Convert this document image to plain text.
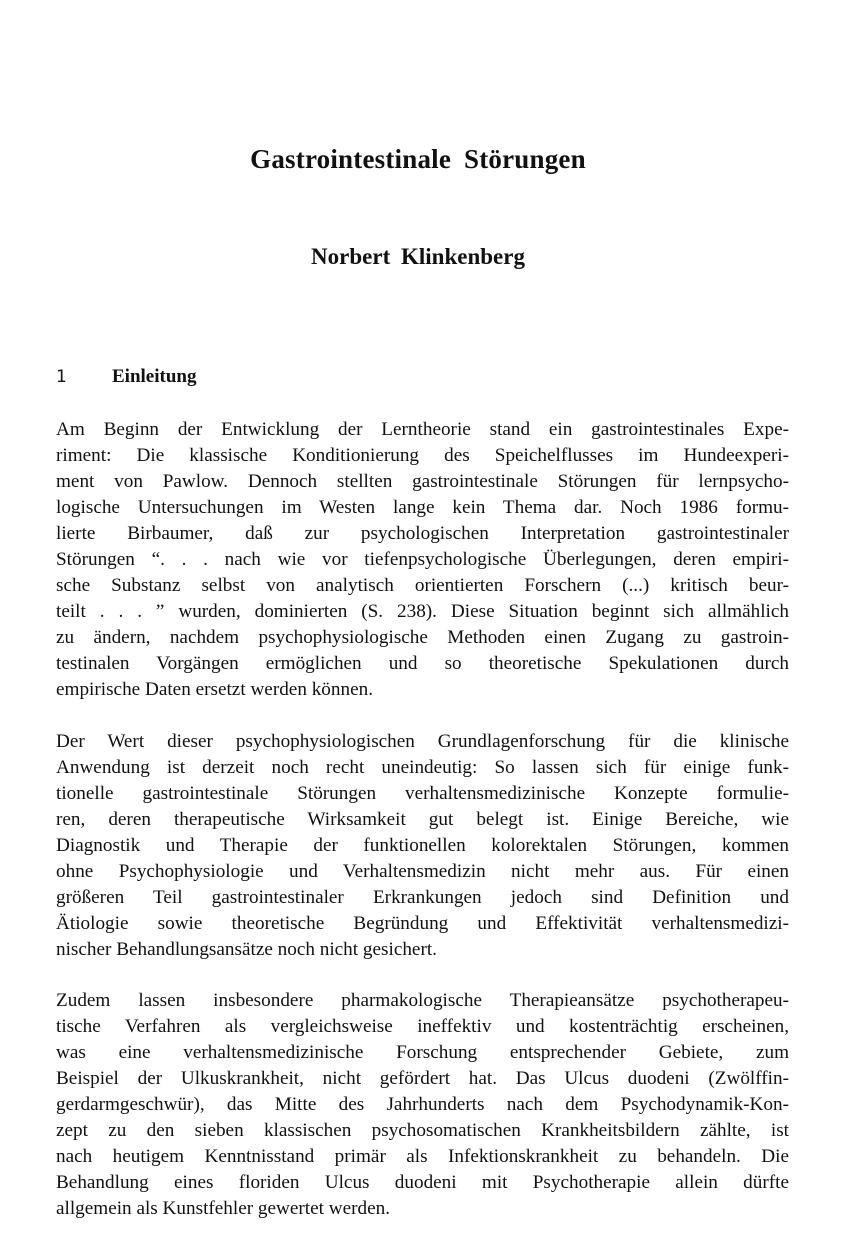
Gastrointestinale Störungen
Norbert Klinkenberg
1	Einleitung
Am Beginn der Entwicklung der Lerntheorie stand ein gastrointestinales Expe-
riment: Die klassische Konditionierung des Speichelflusses im Hundeexperi-
ment von Pawlow. Dennoch stellten gastrointestinale Störungen für lernpsycho-
logische Untersuchungen im Westen lange kein Thema dar. Noch 1986 formu-
lierte Birbaumer, daß zur psychologischen Interpretation gastrointestinaler
Störungen “. . . nach wie vor tiefenpsychologische Überlegungen, deren empiri-
sche Substanz selbst von analytisch orientierten Forschern (...) kritisch beur-
teilt . . . ” wurden, dominierten (S. 238). Diese Situation beginnt sich allmählich
zu ändern, nachdem psychophysiologische Methoden einen Zugang zu gastroin-
testinalen Vorgängen ermöglichen und so theoretische Spekulationen durch
empirische Daten ersetzt werden können.
Der Wert dieser psychophysiologischen Grundlagenforschung für die klinische
Anwendung ist derzeit noch recht uneindeutig: So lassen sich für einige funk-
tionelle gastrointestinale Störungen verhaltensmedizinische Konzepte formulie-
ren, deren therapeutische Wirksamkeit gut belegt ist. Einige Bereiche, wie
Diagnostik und Therapie der funktionellen kolorektalen Störungen, kommen
ohne Psychophysiologie und Verhaltensmedizin nicht mehr aus. Für einen
größeren Teil gastrointestinaler Erkrankungen jedoch sind Definition und
Ätiologie sowie theoretische Begründung und Effektivität verhaltensmedizi-
nischer Behandlungsansätze noch nicht gesichert.
Zudem lassen insbesondere pharmakologische Therapieansätze psychotherapeu-
tische Verfahren als vergleichsweise ineffektiv und kostenträchtig erscheinen,
was eine verhaltensmedizinische Forschung entsprechender Gebiete, zum
Beispiel der Ulkuskrankheit, nicht gefördert hat. Das Ulcus duodeni (Zwölffin-
gerdarmgeschwür), das Mitte des Jahrhunderts nach dem Psychodynamik-Kon-
zept zu den sieben klassischen psychosomatischen Krankheitsbildern zählte, ist
nach heutigem Kenntnisstand primär als Infektionskrankheit zu behandeln. Die
Behandlung eines floriden Ulcus duodeni mit Psychotherapie allein dürfte
allgemein als Kunstfehler gewertet werden.
